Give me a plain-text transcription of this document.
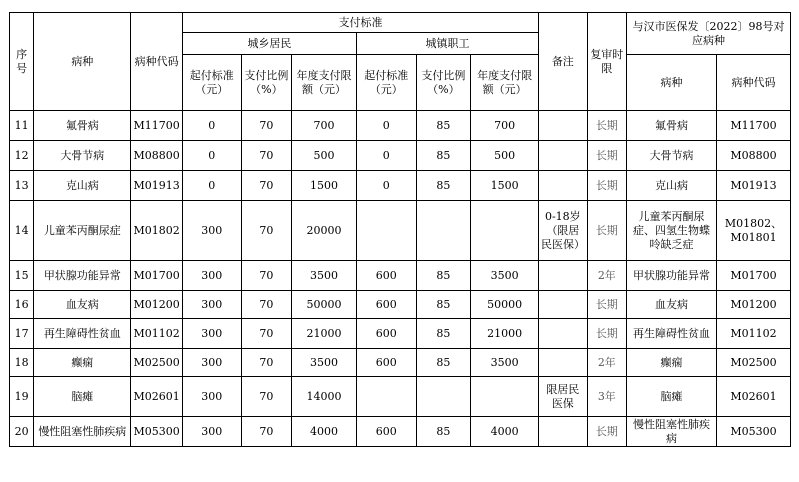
序号	病种	病种代码	支付标准						备注	复审时限	与汉市医保发〔2022〕98号对应病种	
			城乡居民			城镇职工						
			起付标准（元）	支付比例（%）	年度支付限额（元）	起付标准（元）	支付比例（%）	年度支付限额（元）			病种	病种代码
11	氟骨病	M11700	0	70	700	0	85	700		长期	氟骨病	M11700
12	大骨节病	M08800	0	70	500	0	85	500		长期	大骨节病	M08800
13	克山病	M01913	0	70	1500	0	85	1500		长期	克山病	M01913
14	儿童苯丙酮尿症	M01802	300	70	20000				0-18岁（限居民医保）	长期	儿童苯丙酮尿症、四氢生物蝶呤缺乏症	M01802、M01801
15	甲状腺功能异常	M01700	300	70	3500	600	85	3500		2年	甲状腺功能异常	M01700
16	血友病	M01200	300	70	50000	600	85	50000		长期	血友病	M01200
17	再生障碍性贫血	M01102	300	70	21000	600	85	21000		长期	再生障碍性贫血	M01102
18	癫痫	M02500	300	70	3500	600	85	3500		2年	癫痫	M02500
19	脑瘫	M02601	300	70	14000				限居民医保	3年	脑瘫	M02601
20	慢性阻塞性肺疾病	M05300	300	70	4000	600	85	4000		长期	慢性阻塞性肺疾病	M05300
